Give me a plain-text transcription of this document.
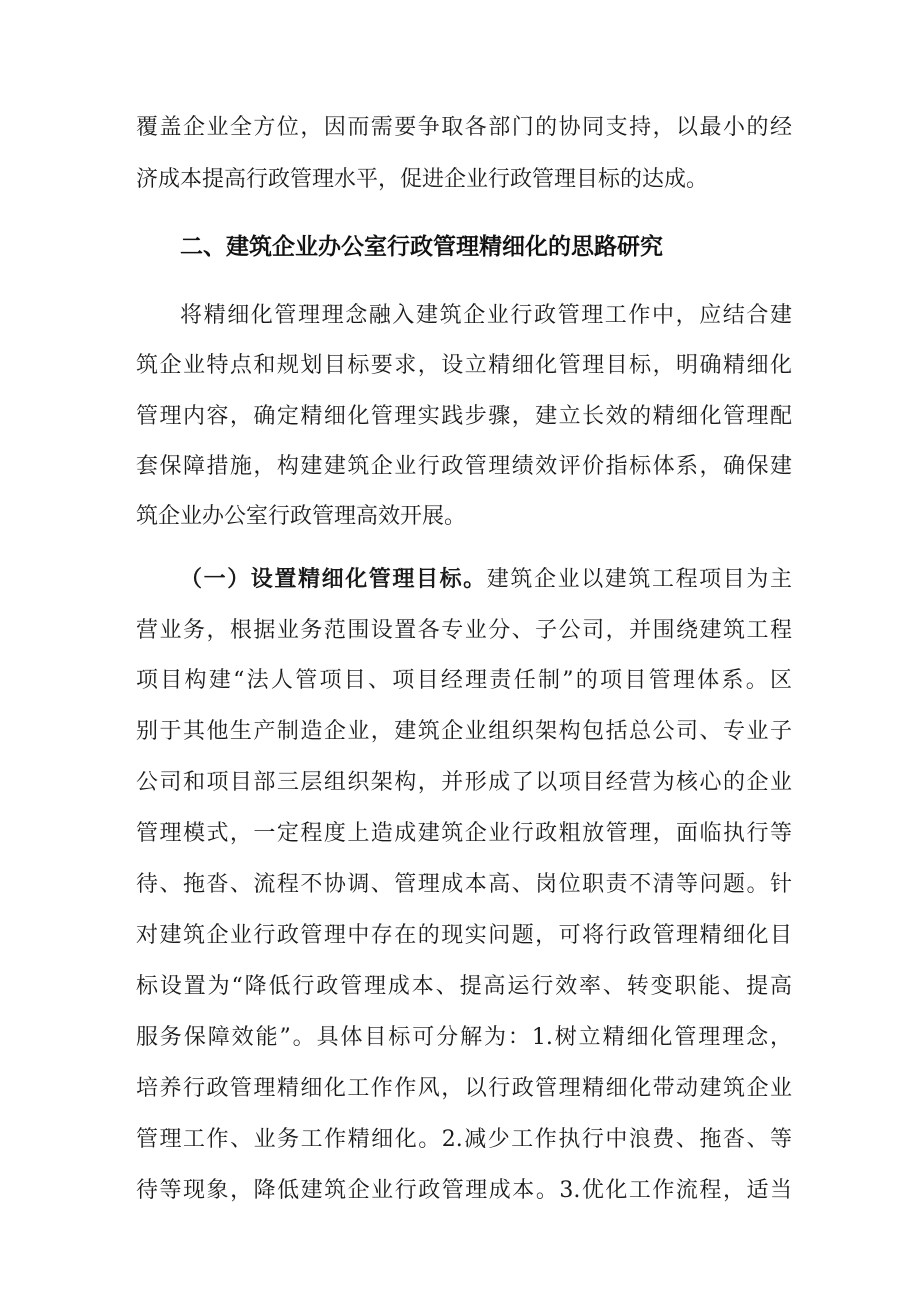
覆盖企业全方位，因而需要争取各部门的协同支持，以最小的经
济成本提高行政管理水平，促进企业行政管理目标的达成。
二、建筑企业办公室行政管理精细化的思路研究
将精细化管理理念融入建筑企业行政管理工作中，应结合建
筑企业特点和规划目标要求，设立精细化管理目标，明确精细化
管理内容，确定精细化管理实践步骤，建立长效的精细化管理配
套保障措施，构建建筑企业行政管理绩效评价指标体系，确保建
筑企业办公室行政管理高效开展。
（一）设置精细化管理目标。建筑企业以建筑工程项目为主
营业务，根据业务范围设置各专业分、子公司，并围绕建筑工程
项目构建“法人管项目、项目经理责任制”的项目管理体系。区
别于其他生产制造企业，建筑企业组织架构包括总公司、专业子
公司和项目部三层组织架构，并形成了以项目经营为核心的企业
管理模式，一定程度上造成建筑企业行政粗放管理，面临执行等
待、拖沓、流程不协调、管理成本高、岗位职责不清等问题。针
对建筑企业行政管理中存在的现实问题，可将行政管理精细化目
标设置为“降低行政管理成本、提高运行效率、转变职能、提高
服务保障效能”。具体目标可分解为：1.树立精细化管理理念，
培养行政管理精细化工作作风，以行政管理精细化带动建筑企业
管理工作、业务工作精细化。2.减少工作执行中浪费、拖沓、等
待等现象，降低建筑企业行政管理成本。3.优化工作流程，适当
